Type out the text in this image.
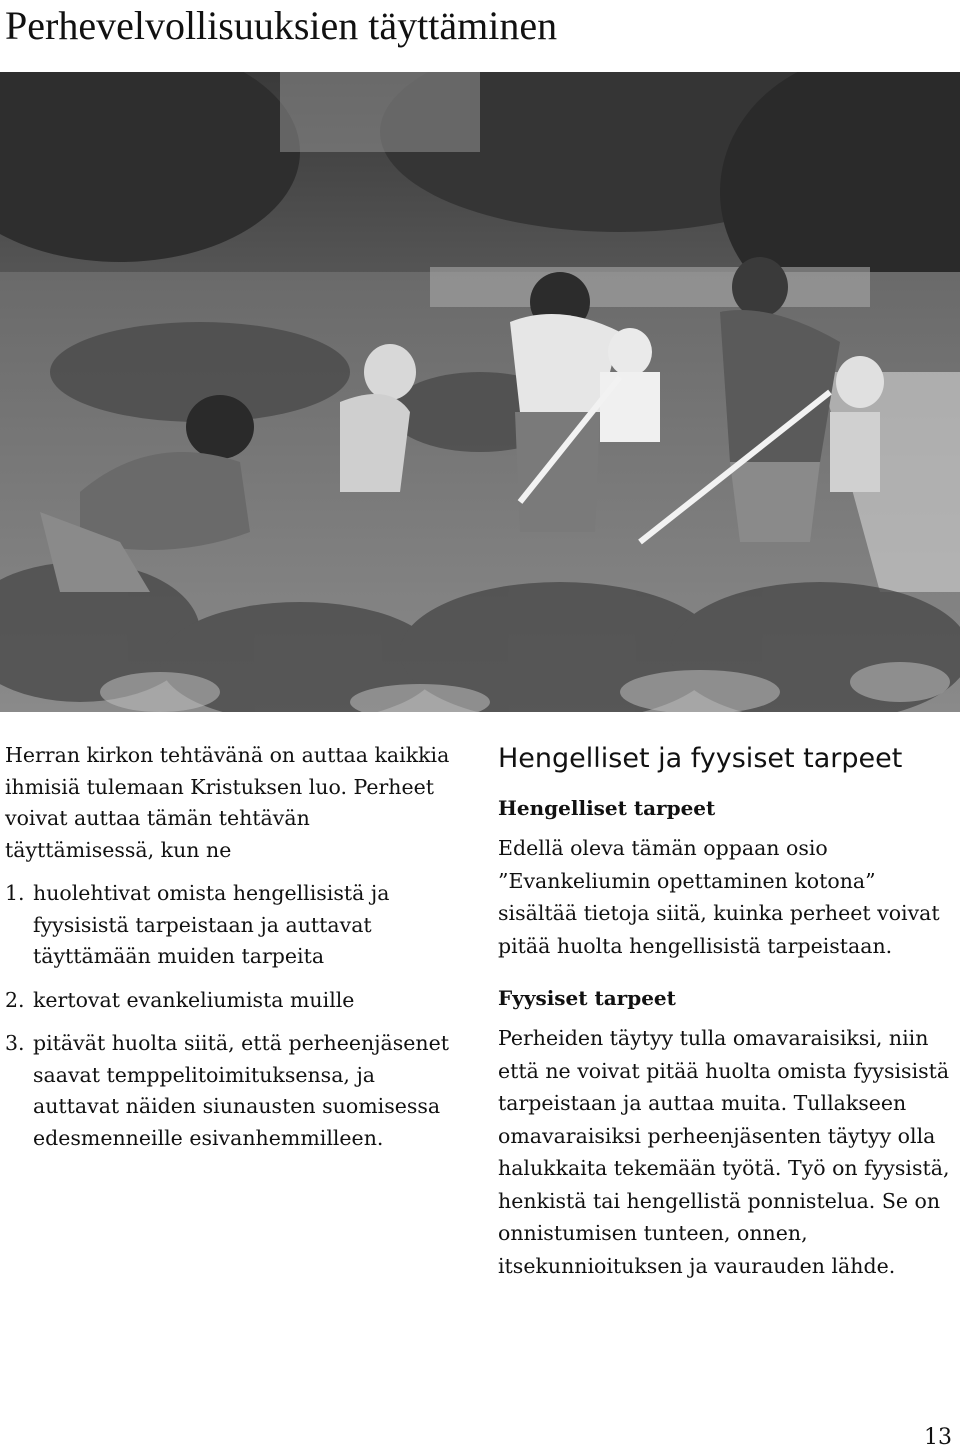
Perhevelvollisuuksien täyttäminen

Herran kirkon tehtävänä on auttaa kaikkia ihmisiä tulemaan Kristuksen luo. Perheet voivat auttaa tämän tehtävän täyttämisessä, kun ne

1. huolehtivat omista hengellisistä ja fyysisistä tarpeistaan ja auttavat täyttämään muiden tarpeita
2. kertovat evankeliumista muille
3. pitävät huolta siitä, että perheenjäsenet saavat temppelitoimituksensa, ja auttavat näiden siunausten suomisessa edesmenneille esivanhemmilleen.
Hengelliset ja fyysiset tarpeet
Hengelliset tarpeet

Edellä oleva tämän oppaan osio ”Evankeliumin opettaminen kotona” sisältää tietoja siitä, kuinka perheet voivat pitää huolta hengellisistä tarpeistaan.

Fyysiset tarpeet

Perheiden täytyy tulla omavaraisiksi, niin että ne voivat pitää huolta omista fyysisistä tarpeistaan ja auttaa muita. Tullakseen omavaraisiksi perheenjäsenten täytyy olla halukkaita tekemään työtä. Työ on fyysistä, henkistä tai hengellistä ponnistelua. Se on onnistumisen tunteen, onnen, itsekunnioituksen ja vaurauden lähde.

13
